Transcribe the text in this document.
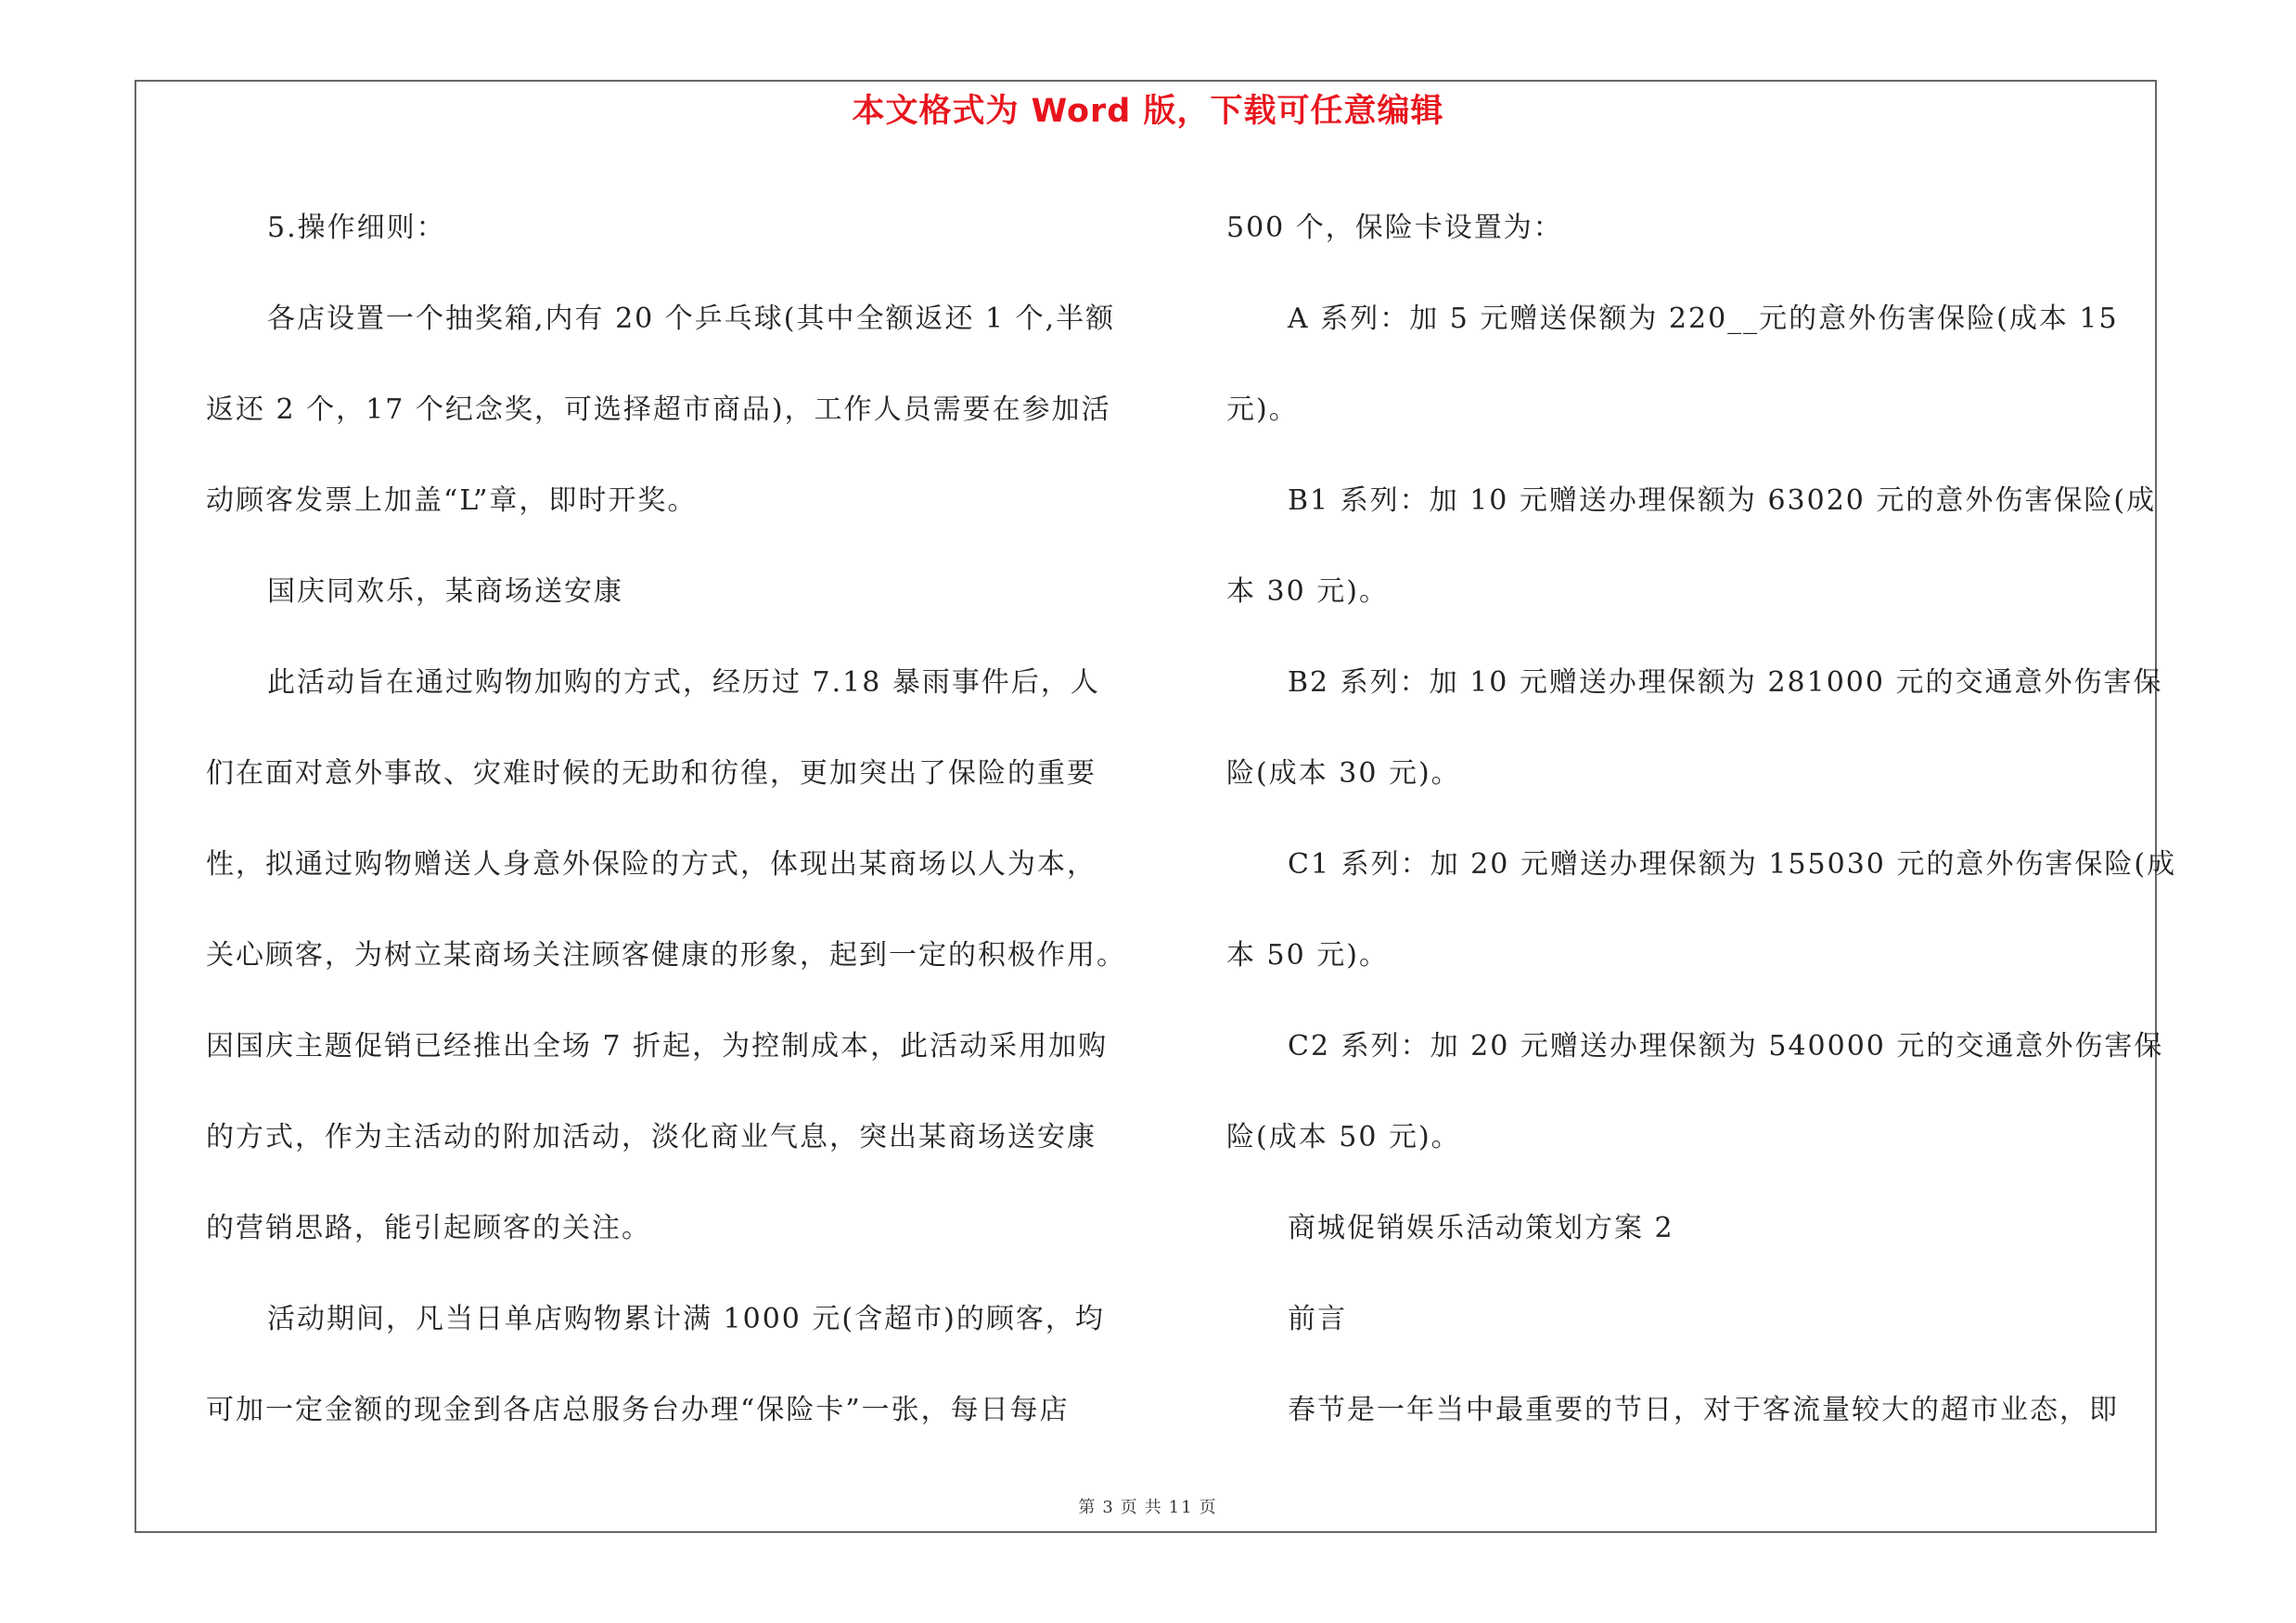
本文格式为 Word 版，下载可任意编辑
5.操作细则：
各店设置一个抽奖箱,内有 20 个乒乓球(其中全额返还 1 个,半额
返还 2 个，17 个纪念奖，可选择超市商品)，工作人员需要在参加活
动顾客发票上加盖“L”章，即时开奖。
国庆同欢乐，某商场送安康
此活动旨在通过购物加购的方式，经历过 7.18 暴雨事件后，人
们在面对意外事故、灾难时候的无助和彷徨，更加突出了保险的重要
性，拟通过购物赠送人身意外保险的方式，体现出某商场以人为本，
关心顾客，为树立某商场关注顾客健康的形象，起到一定的积极作用。
因国庆主题促销已经推出全场 7 折起，为控制成本，此活动采用加购
的方式，作为主活动的附加活动，淡化商业气息，突出某商场送安康
的营销思路，能引起顾客的关注。
活动期间，凡当日单店购物累计满 1000 元(含超市)的顾客，均
可加一定金额的现金到各店总服务台办理“保险卡”一张，每日每店
500 个，保险卡设置为：
A 系列：加 5 元赠送保额为 220__元的意外伤害保险(成本 15
元)。
B1 系列：加 10 元赠送办理保额为 63020 元的意外伤害保险(成
本 30 元)。
B2 系列：加 10 元赠送办理保额为 281000 元的交通意外伤害保
险(成本 30 元)。
C1 系列：加 20 元赠送办理保额为 155030 元的意外伤害保险(成
本 50 元)。
C2 系列：加 20 元赠送办理保额为 540000 元的交通意外伤害保
险(成本 50 元)。
商城促销娱乐活动策划方案 2
前言
春节是一年当中最重要的节日，对于客流量较大的超市业态，即
第 3 页 共 11 页
